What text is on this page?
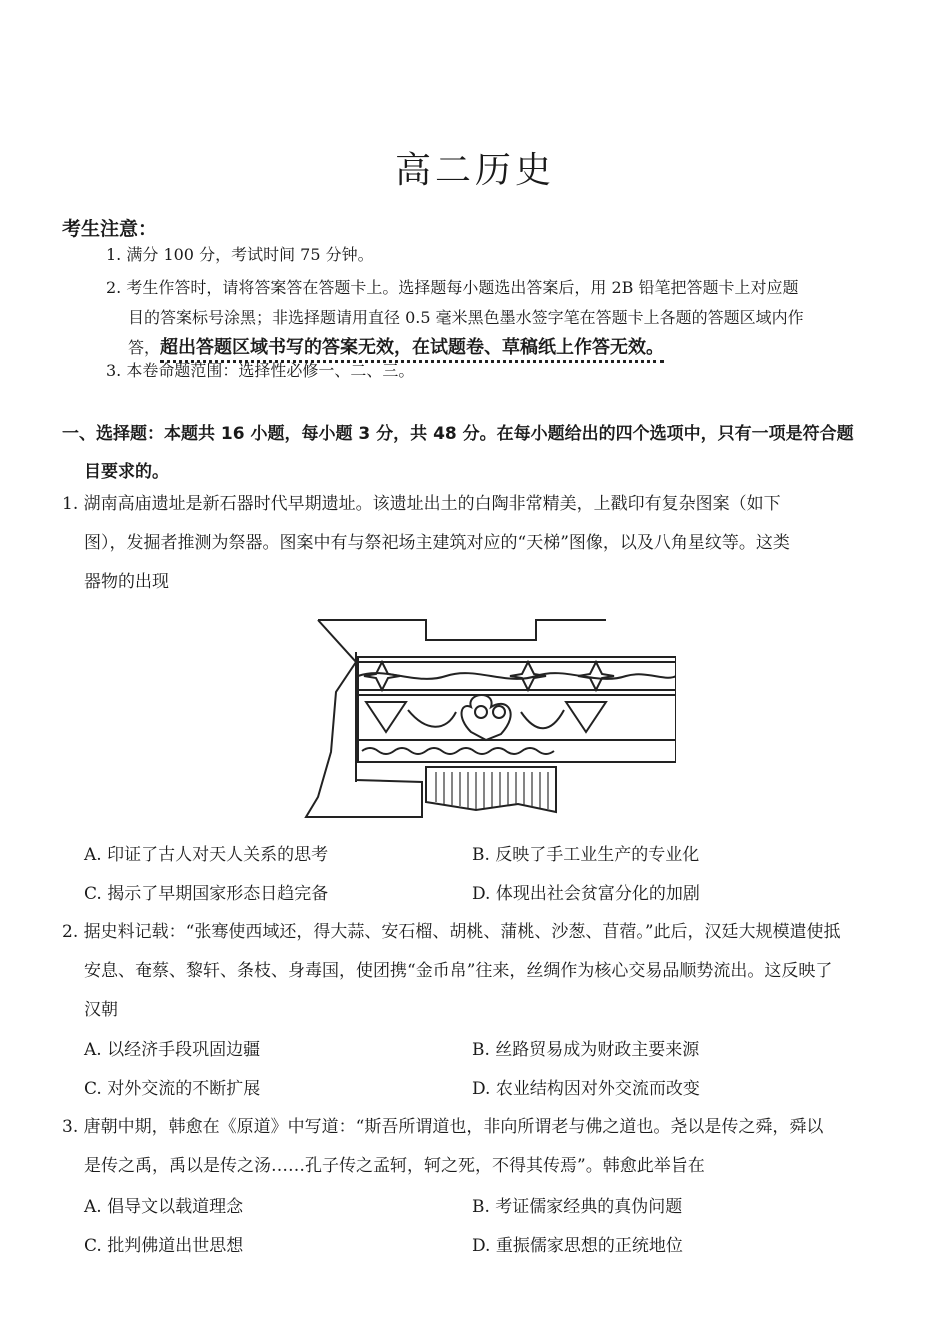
高二历史
考生注意：
1. 满分 100 分，考试时间 75 分钟。
2. 考生作答时，请将答案答在答题卡上。选择题每小题选出答案后，用 2B 铅笔把答题卡上对应题
目的答案标号涂黑；非选择题请用直径 0.5 毫米黑色墨水签字笔在答题卡上各题的答题区域内作
答，超出答题区域书写的答案无效，在试题卷、草稿纸上作答无效。
3. 本卷命题范围：选择性必修一、二、三。
一、选择题：本题共 16 小题，每小题 3 分，共 48 分。在每小题给出的四个选项中，只有一项是符合题
目要求的。
1. 湖南高庙遗址是新石器时代早期遗址。该遗址出土的白陶非常精美，上戳印有复杂图案（如下
图），发掘者推测为祭器。图案中有与祭祀场主建筑对应的“天梯”图像，以及八角星纹等。这类
器物的出现
A. 印证了古人对天人关系的思考	B. 反映了手工业生产的专业化
C. 揭示了早期国家形态日趋完备	D. 体现出社会贫富分化的加剧
2. 据史料记载：“张骞使西域还，得大蒜、安石榴、胡桃、蒲桃、沙葱、苜蓿。”此后，汉廷大规模遣使抵
安息、奄蔡、黎轩、条枝、身毒国，使团携“金币帛”往来，丝绸作为核心交易品顺势流出。这反映了
汉朝
A. 以经济手段巩固边疆	B. 丝路贸易成为财政主要来源
C. 对外交流的不断扩展	D. 农业结构因对外交流而改变
3. 唐朝中期，韩愈在《原道》中写道：“斯吾所谓道也，非向所谓老与佛之道也。尧以是传之舜，舜以
是传之禹，禹以是传之汤……孔子传之孟轲，轲之死，不得其传焉”。韩愈此举旨在
A. 倡导文以载道理念	B. 考证儒家经典的真伪问题
C. 批判佛道出世思想	D. 重振儒家思想的正统地位
